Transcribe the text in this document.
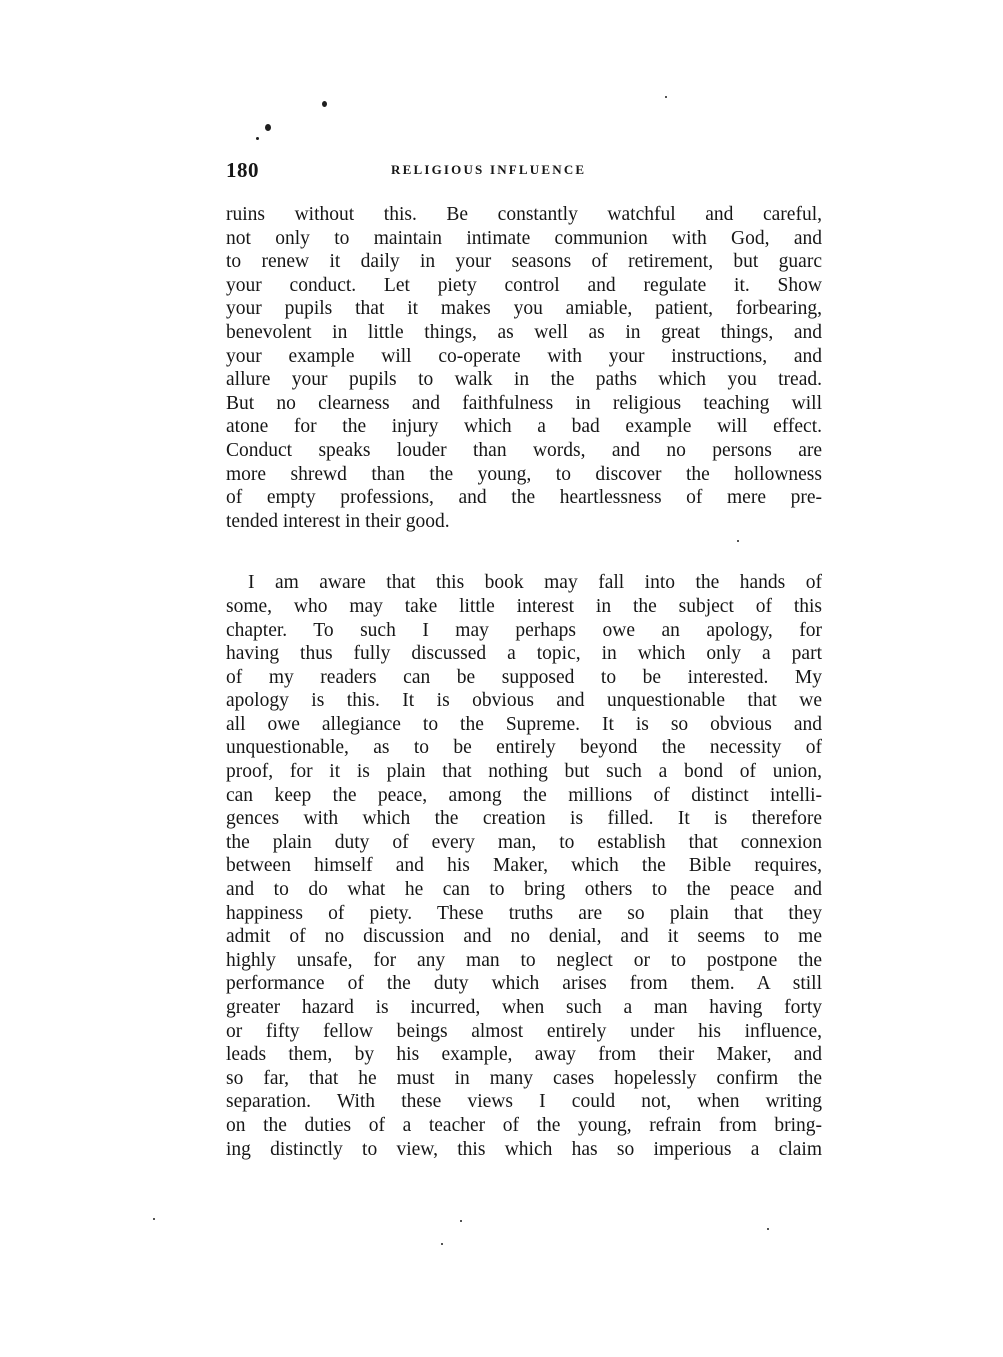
180	RELIGIOUS INFLUENCE
ruins without this. Be constantly watchful and careful,
not only to maintain intimate communion with God, and
to renew it daily in your seasons of retirement, but guarc
your conduct. Let piety control and regulate it. Show
your pupils that it makes you amiable, patient, forbearing,
benevolent in little things, as well as in great things, and
your example will co-operate with your instructions, and
allure your pupils to walk in the paths which you tread.
But no clearness and faithfulness in religious teaching will
atone for the injury which a bad example will effect.
Conduct speaks louder than words, and no persons are
more shrewd than the young, to discover the hollowness
of empty professions, and the heartlessness of mere pre-
tended interest in their good.
I am aware that this book may fall into the hands of
some, who may take little interest in the subject of this
chapter. To such I may perhaps owe an apology, for
having thus fully discussed a topic, in which only a part
of my readers can be supposed to be interested. My
apology is this. It is obvious and unquestionable that we
all owe allegiance to the Supreme. It is so obvious and
unquestionable, as to be entirely beyond the necessity of
proof, for it is plain that nothing but such a bond of union,
can keep the peace, among the millions of distinct intelli-
gences with which the creation is filled. It is therefore
the plain duty of every man, to establish that connexion
between himself and his Maker, which the Bible requires,
and to do what he can to bring others to the peace and
happiness of piety. These truths are so plain that they
admit of no discussion and no denial, and it seems to me
highly unsafe, for any man to neglect or to postpone the
performance of the duty which arises from them. A still
greater hazard is incurred, when such a man having forty
or fifty fellow beings almost entirely under his influence,
leads them, by his example, away from their Maker, and
so far, that he must in many cases hopelessly confirm the
separation. With these views I could not, when writing
on the duties of a teacher of the young, refrain from bring-
ing distinctly to view, this which has so imperious a claim
